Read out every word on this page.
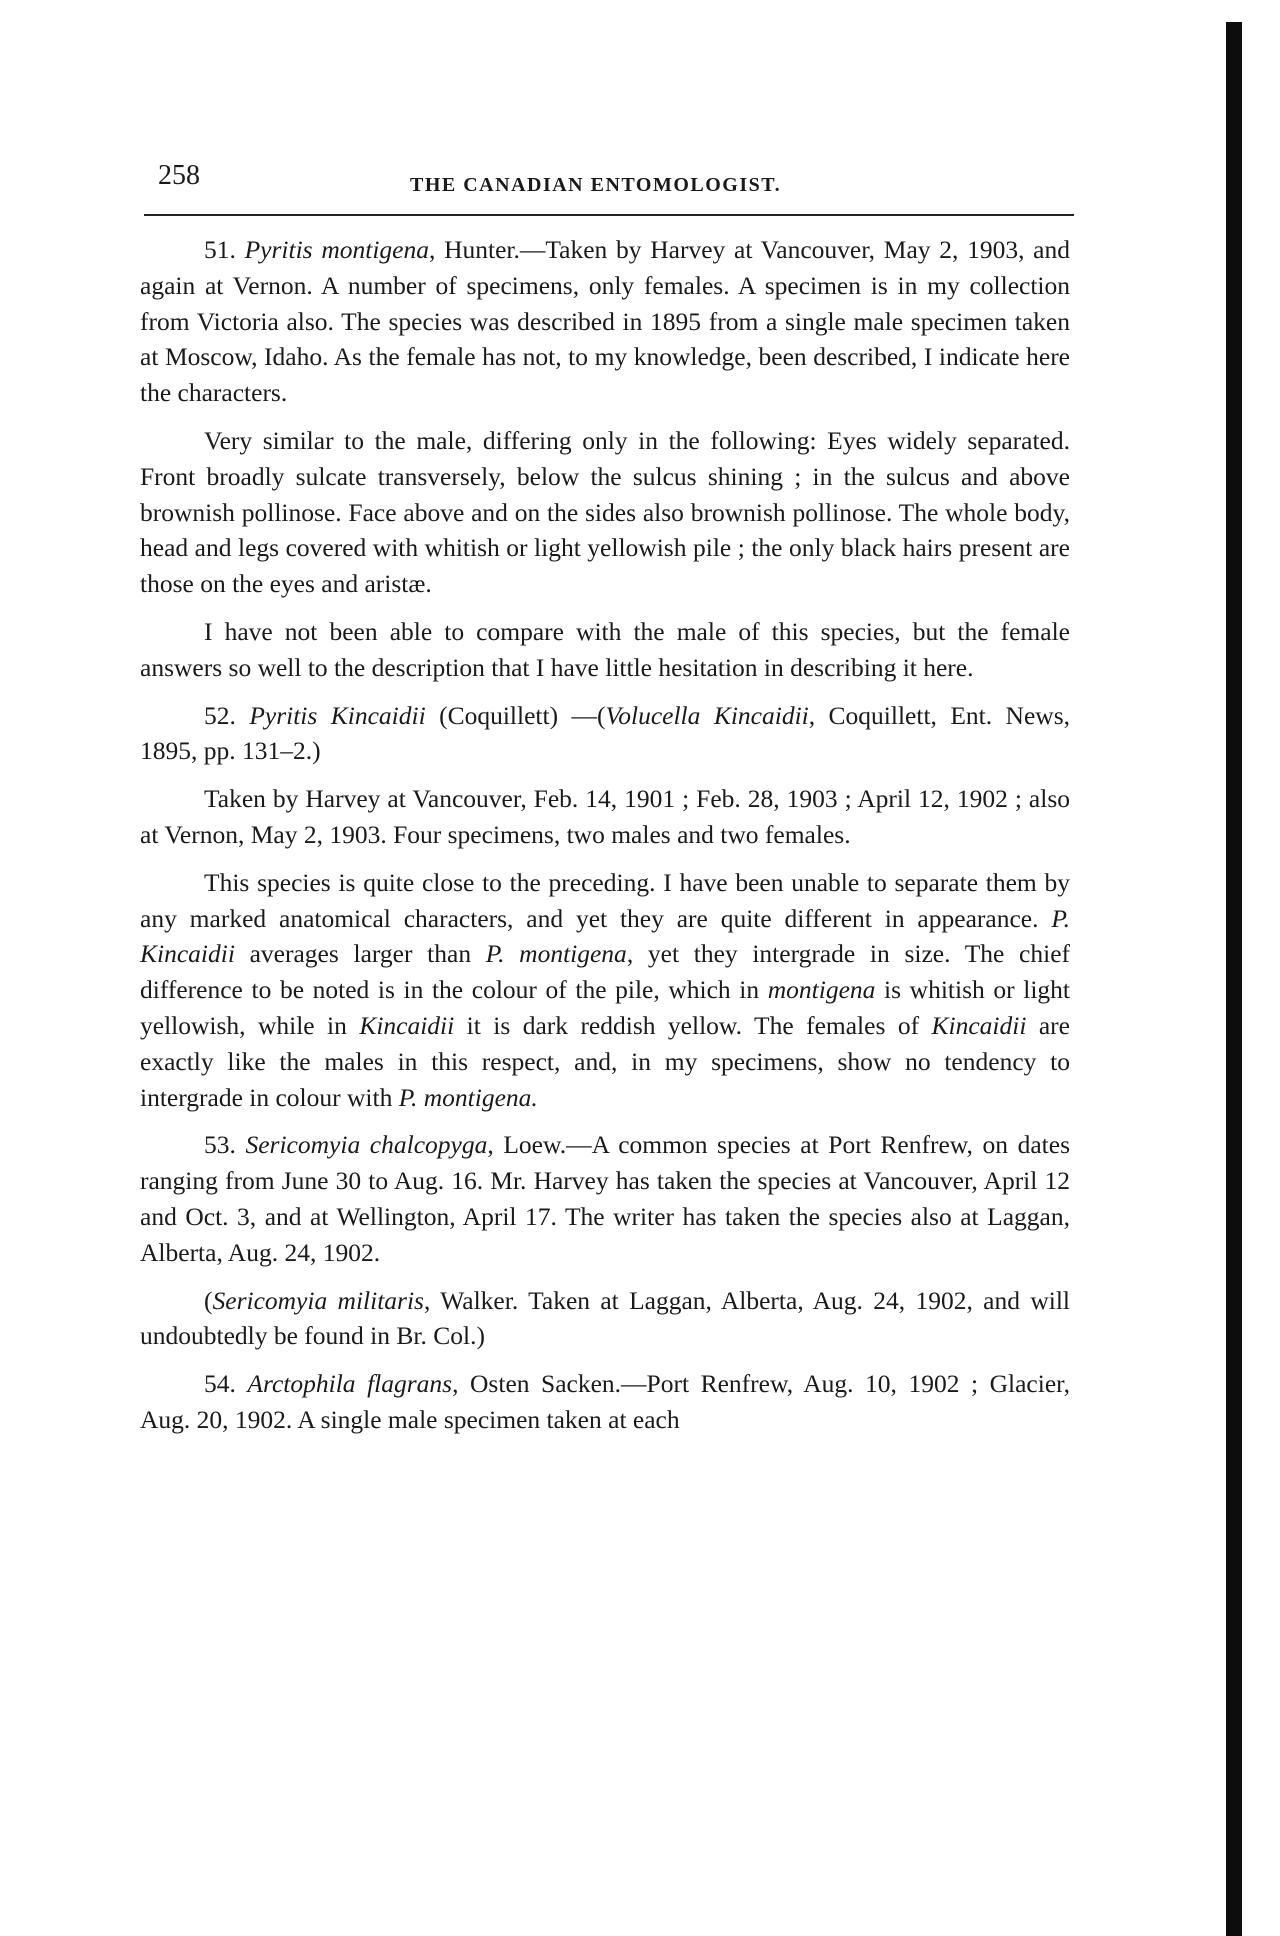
258	THE CANADIAN ENTOMOLOGIST.

51. Pyritis montigena, Hunter.—Taken by Harvey at Vancouver, May 2, 1903, and again at Vernon. A number of specimens, only females. A specimen is in my collection from Victoria also. The species was described in 1895 from a single male specimen taken at Moscow, Idaho. As the female has not, to my knowledge, been described, I indicate here the characters.

Very similar to the male, differing only in the following: Eyes widely separated. Front broadly sulcate transversely, below the sulcus shining ; in the sulcus and above brownish pollinose. Face above and on the sides also brownish pollinose. The whole body, head and legs covered with whitish or light yellowish pile ; the only black hairs present are those on the eyes and aristæ.

I have not been able to compare with the male of this species, but the female answers so well to the description that I have little hesitation in describing it here.

52. Pyritis Kincaidii (Coquillett) —(Volucella Kincaidii, Coquillett, Ent. News, 1895, pp. 131–2.)

Taken by Harvey at Vancouver, Feb. 14, 1901 ; Feb. 28, 1903 ; April 12, 1902 ; also at Vernon, May 2, 1903. Four specimens, two males and two females.

This species is quite close to the preceding. I have been unable to separate them by any marked anatomical characters, and yet they are quite different in appearance. P. Kincaidii averages larger than P. montigena, yet they intergrade in size. The chief difference to be noted is in the colour of the pile, which in montigena is whitish or light yellowish, while in Kincaidii it is dark reddish yellow. The females of Kincaidii are exactly like the males in this respect, and, in my specimens, show no tendency to intergrade in colour with P. montigena.

53. Sericomyia chalcopyga, Loew.—A common species at Port Renfrew, on dates ranging from June 30 to Aug. 16. Mr. Harvey has taken the species at Vancouver, April 12 and Oct. 3, and at Wellington, April 17. The writer has taken the species also at Laggan, Alberta, Aug. 24, 1902.

(Sericomyia militaris, Walker. Taken at Laggan, Alberta, Aug. 24, 1902, and will undoubtedly be found in Br. Col.)

54. Arctophila flagrans, Osten Sacken.—Port Renfrew, Aug. 10, 1902 ; Glacier, Aug. 20, 1902. A single male specimen taken at each
